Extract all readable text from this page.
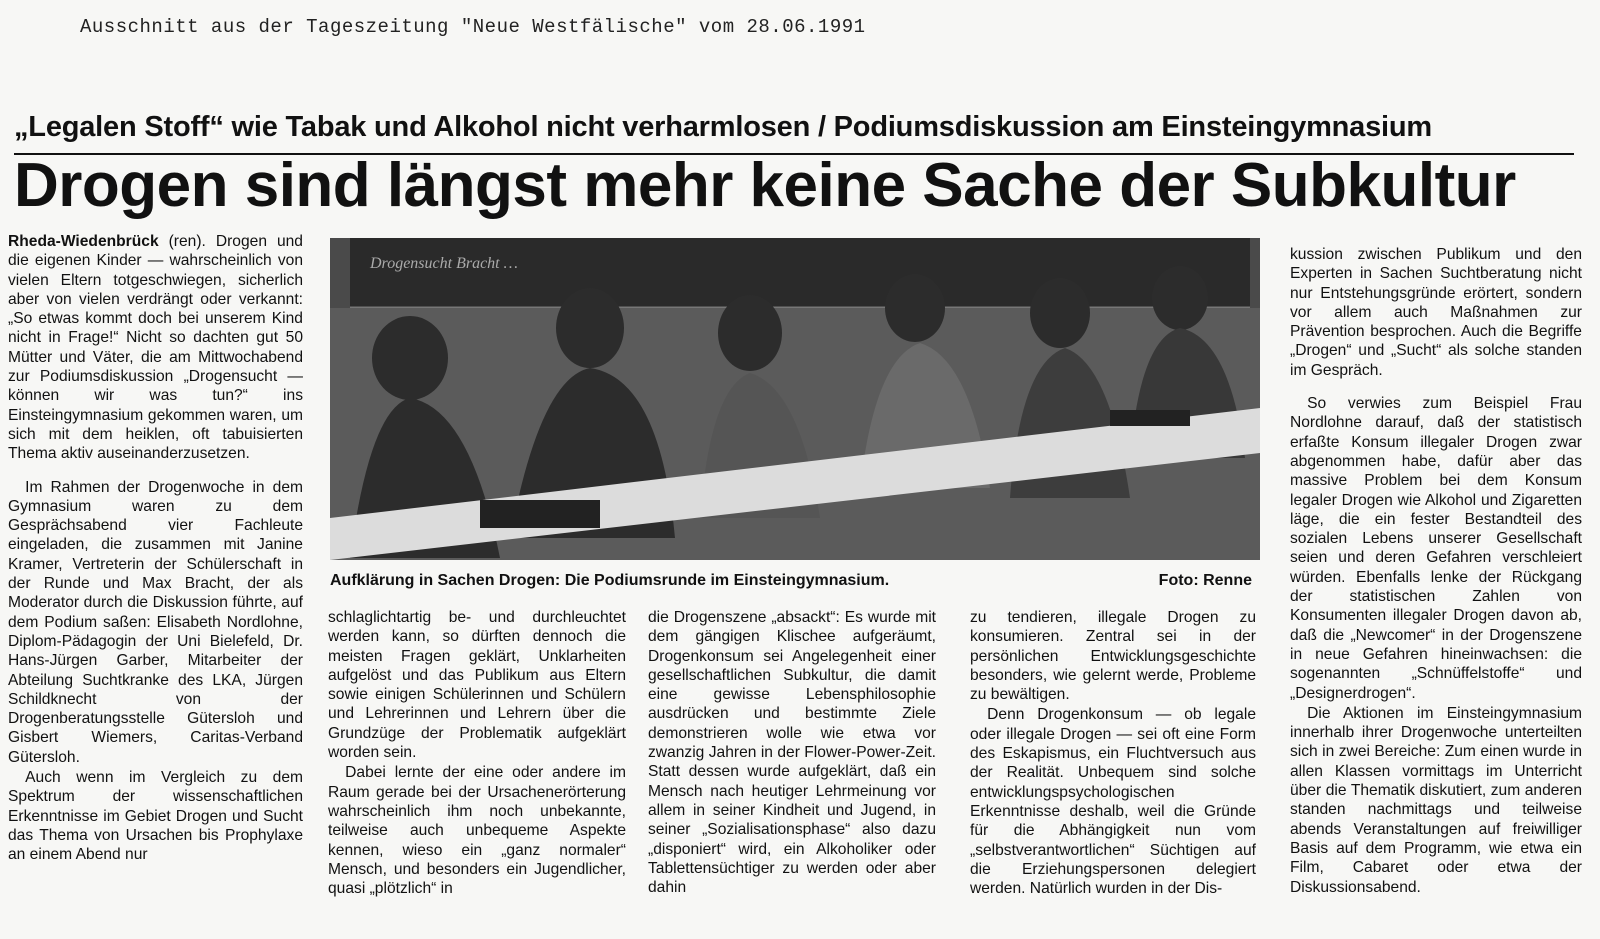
Ausschnitt aus der Tageszeitung "Neue Westfälische" vom 28.06.1991
„Legalen Stoff“ wie Tabak und Alkohol nicht verharmlosen / Podiumsdiskussion am Einsteingymnasium
Drogen sind längst mehr keine Sache der Subkultur

Rheda-Wiedenbrück (ren). Drogen und die eigenen Kinder — wahrscheinlich von vielen Eltern totgeschwiegen, sicherlich aber von vielen verdrängt oder verkannt: „So etwas kommt doch bei unserem Kind nicht in Frage!“ Nicht so dachten gut 50 Mütter und Väter, die am Mittwochabend zur Podiumsdiskussion „Drogensucht — können wir was tun?“ ins Einsteingymnasium gekommen waren, um sich mit dem heiklen, oft tabuisierten Thema aktiv auseinanderzusetzen.

Im Rahmen der Drogenwoche in dem Gymnasium waren zu dem Gesprächsabend vier Fachleute eingeladen, die zusammen mit Janine Kramer, Vertreterin der Schülerschaft in der Runde und Max Bracht, der als Moderator durch die Diskussion führte, auf dem Podium saßen: Elisabeth Nordlohne, Diplom-Pädagogin der Uni Bielefeld, Dr. Hans-Jürgen Garber, Mitarbeiter der Abteilung Suchtkranke des LKA, Jürgen Schildknecht von der Drogenberatungsstelle Gütersloh und Gisbert Wiemers, Caritas-Verband Gütersloh.

Auch wenn im Vergleich zu dem Spektrum der wissenschaftlichen Erkenntnisse im Gebiet Drogen und Sucht das Thema von Ursachen bis Prophylaxe an einem Abend nur

Drogensucht Bracht …
Aufklärung in Sachen Drogen: Die Podiumsrunde im Einsteingymnasium.	Foto: Renne

schlaglichtartig be- und durchleuchtet werden kann, so dürften dennoch die meisten Fragen geklärt, Unklarheiten aufgelöst und das Publikum aus Eltern sowie einigen Schülerinnen und Schülern und Lehrerinnen und Lehrern über die Grundzüge der Problematik aufgeklärt worden sein.

Dabei lernte der eine oder andere im Raum gerade bei der Ursachenerörterung wahrscheinlich ihm noch unbekannte, teilweise auch unbequeme Aspekte kennen, wieso ein „ganz normaler“ Mensch, und besonders ein Jugendlicher, quasi „plötzlich“ in

die Drogenszene „absackt“: Es wurde mit dem gängigen Klischee aufgeräumt, Drogenkonsum sei Angelegenheit einer gesellschaftlichen Subkultur, die damit eine gewisse Lebensphilosophie ausdrücken und bestimmte Ziele demonstrieren wolle wie etwa vor zwanzig Jahren in der Flower-Power-Zeit. Statt dessen wurde aufgeklärt, daß ein Mensch nach heutiger Lehrmeinung vor allem in seiner Kindheit und Jugend, in seiner „Sozialisationsphase“ also dazu „disponiert“ wird, ein Alkoholiker oder Tablettensüchtiger zu werden oder aber dahin

zu tendieren, illegale Drogen zu konsumieren. Zentral sei in der persönlichen Entwicklungsgeschichte besonders, wie gelernt werde, Probleme zu bewältigen.

Denn Drogenkonsum — ob legale oder illegale Drogen — sei oft eine Form des Eskapismus, ein Fluchtversuch aus der Realität. Unbequem sind solche entwicklungspsychologischen Erkenntnisse deshalb, weil die Gründe für die Abhängigkeit nun vom „selbstverantwortlichen“ Süchtigen auf die Erziehungspersonen delegiert werden. Natürlich wurden in der Dis-

kussion zwischen Publikum und den Experten in Sachen Suchtberatung nicht nur Entstehungsgründe erörtert, sondern vor allem auch Maßnahmen zur Prävention besprochen. Auch die Begriffe „Drogen“ und „Sucht“ als solche standen im Gespräch.

So verwies zum Beispiel Frau Nordlohne darauf, daß der statistisch erfaßte Konsum illegaler Drogen zwar abgenommen habe, dafür aber das massive Problem bei dem Konsum legaler Drogen wie Alkohol und Zigaretten läge, die ein fester Bestandteil des sozialen Lebens unserer Gesellschaft seien und deren Gefahren verschleiert würden. Ebenfalls lenke der Rückgang der statistischen Zahlen von Konsumenten illegaler Drogen davon ab, daß die „Newcomer“ in der Drogenszene in neue Gefahren hineinwachsen: die sogenannten „Schnüffelstoffe“ und „Designerdrogen“.

Die Aktionen im Einsteingymnasium innerhalb ihrer Drogenwoche unterteilten sich in zwei Bereiche: Zum einen wurde in allen Klassen vormittags im Unterricht über die Thematik diskutiert, zum anderen standen nachmittags und teilweise abends Veranstaltungen auf freiwilliger Basis auf dem Programm, wie etwa ein Film, Cabaret oder etwa der Diskussionsabend.
